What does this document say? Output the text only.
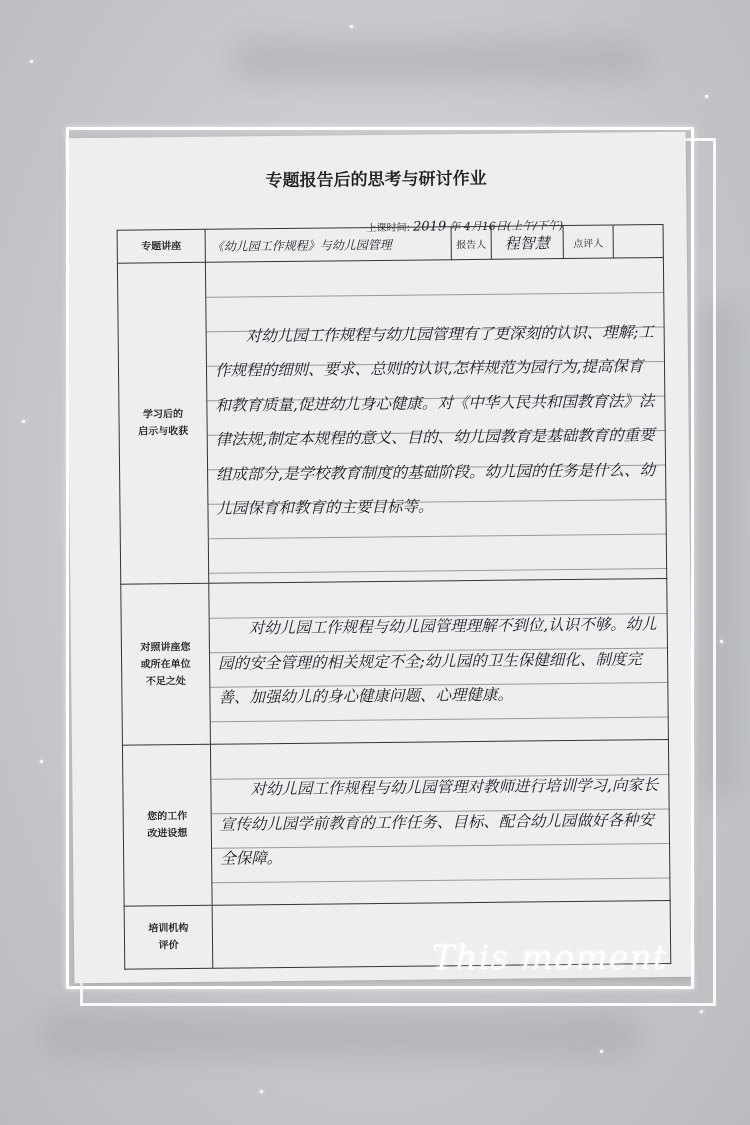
专题报告后的思考与研讨作业
上课时间: 2019 年 4月16日(上午/下午)
专题讲座	《幼儿园工作规程》与幼儿园管理	报告人	程智慧	点评人	
学习后的
启示与收获	对幼儿园工作规程与幼儿园管理有了更深刻的认识、理解;工作规程的细则、要求、总则的认识,怎样规范为园行为,提高保育和教育质量,促进幼儿身心健康。对《中华人民共和国教育法》法律法规,制定本规程的意义、目的、幼儿园教育是基础教育的重要组成部分,是学校教育制度的基础阶段。幼儿园的任务是什么、幼儿园保育和教育的主要目标等。				
对照讲座您
或所在单位
不足之处	对幼儿园工作规程与幼儿园管理理解不到位,认识不够。幼儿园的安全管理的相关规定不全;幼儿园的卫生保健细化、制度完善、加强幼儿的身心健康问题、心理健康。				
您的工作
改进设想	对幼儿园工作规程与幼儿园管理对教师进行培训学习,向家长宣传幼儿园学前教育的工作任务、目标、配合幼儿园做好各种安全保障。				
培训机构
评价						This moment
